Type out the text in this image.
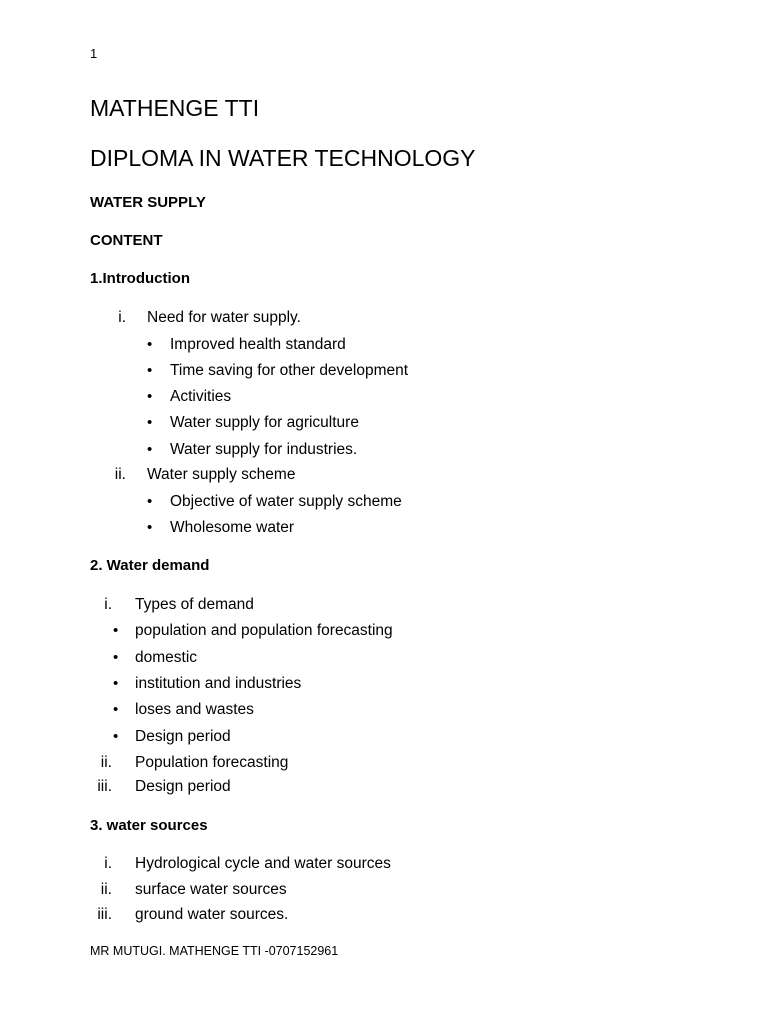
1
MATHENGE TTI
DIPLOMA IN WATER TECHNOLOGY
WATER SUPPLY
CONTENT
1.Introduction
i. Need for water supply.
• Improved health standard
• Time saving for other development
• Activities
• Water supply for agriculture
• Water supply for industries.
ii. Water supply scheme
• Objective of water supply scheme
• Wholesome water
2. Water demand
i. Types of demand
• population and population forecasting
• domestic
• institution and industries
• loses and wastes
• Design period
ii. Population forecasting
iii. Design period
3. water sources
i. Hydrological cycle and water sources
ii. surface water sources
iii. ground water sources.
MR MUTUGI. MATHENGE TTI -0707152961
